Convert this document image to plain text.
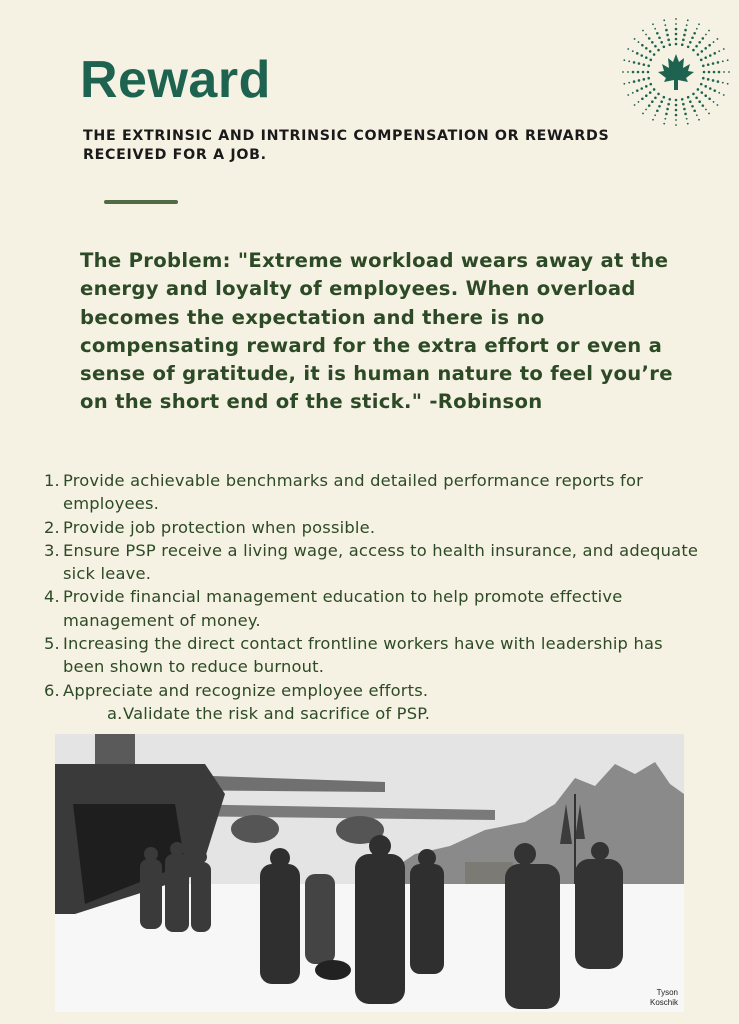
Reward

THE EXTRINSIC AND INTRINSIC COMPENSATION OR REWARDS RECEIVED FOR A JOB.

The Problem: "Extreme workload wears away at the energy and loyalty of employees. When overload becomes the expectation and there is no compensating reward for the extra effort or even a sense of gratitude, it is human nature to feel you’re on the short end of the stick." -Robinson

1. Provide achievable benchmarks and detailed performance reports for employees.
2. Provide job protection when possible.
3. Ensure PSP receive a living wage, access to health insurance, and adequate sick leave.
4. Provide financial management education to help promote effective management of money.
5. Increasing the direct contact frontline workers have with leadership has been shown to reduce burnout.
6. Appreciate and recognize employee efforts.
a. Validate the risk and sacrifice of PSP.
Tyson
Koschik
